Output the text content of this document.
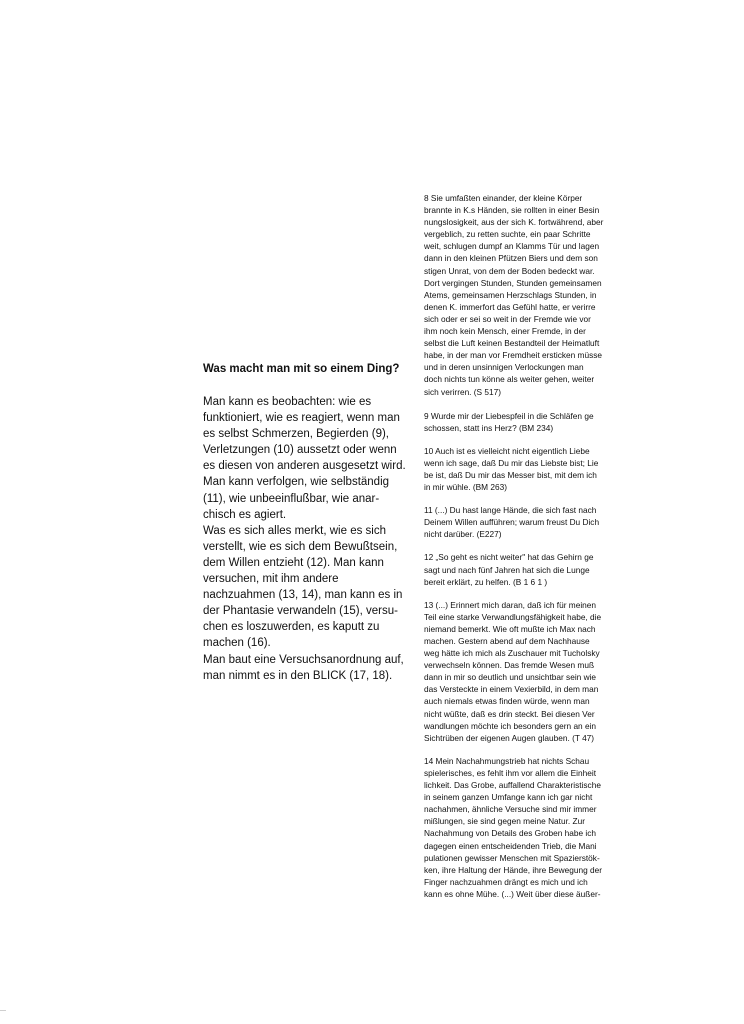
Was macht man mit so einem Ding?

Man kann es beobachten: wie es
funktioniert, wie es reagiert, wenn man
es selbst Schmerzen, Begierden (9),
Verletzungen (10) aussetzt oder wenn
es diesen von anderen ausgesetzt wird.
Man kann verfolgen, wie selbständig
(11), wie unbeeinflußbar, wie anar-
chisch es agiert.
Was es sich alles merkt, wie es sich
verstellt, wie es sich dem Bewußtsein,
dem Willen entzieht (12). Man kann
versuchen, mit ihm andere
nachzuahmen (13, 14), man kann es in
der Phantasie verwandeln (15), versu-
chen es loszuwerden, es kaputt zu
machen (16).
Man baut eine Versuchsanordnung auf,
man nimmt es in den BLICK (17, 18).

8 Sie umfaßten einander, der kleine Körper
brannte in K.s Händen, sie rollten in einer Besin
nungslosigkeit, aus der sich K. fortwährend, aber
vergeblich, zu retten suchte, ein paar Schritte
weit, schlugen dumpf an Klamms Tür und lagen
dann in den kleinen Pfützen Biers und dem son
stigen Unrat, von dem der Boden bedeckt war.
Dort vergingen Stunden, Stunden gemeinsamen
Atems, gemeinsamen Herzschlags Stunden, in
denen K. immerfort das Gefühl hatte, er verirre
sich oder er sei so weit in der Fremde wie vor
ihm noch kein Mensch, einer Fremde, in der
selbst die Luft keinen Bestandteil der Heimatluft
habe, in der man vor Fremdheit ersticken müsse
und in deren unsinnigen Verlockungen man
doch nichts tun könne als weiter gehen, weiter
sich verirren. (S 517)
9 Wurde mir der Liebespfeil in die Schläfen ge
schossen, statt ins Herz? (BM 234)
10 Auch ist es vielleicht nicht eigentlich Liebe
wenn ich sage, daß Du mir das Liebste bist; Lie
be ist, daß Du mir das Messer bist, mit dem ich
in mir wühle. (BM 263)
11 (...) Du hast lange Hände, die sich fast nach
Deinem Willen aufführen; warum freust Du Dich
nicht darüber. (E227)
12 „So geht es nicht weiter" hat das Gehirn ge
sagt und nach fünf Jahren hat sich die Lunge
bereit erklärt, zu helfen. (B 1 6 1 )
13 (...) Erinnert mich daran, daß ich für meinen
Teil eine starke Verwandlungsfähigkeit habe, die
niemand bemerkt. Wie oft mußte ich Max nach
machen. Gestern abend auf dem Nachhause
weg hätte ich mich als Zuschauer mit Tucholsky
verwechseln können. Das fremde Wesen muß
dann in mir so deutlich und unsichtbar sein wie
das Versteckte in einem Vexierbild, in dem man
auch niemals etwas finden würde, wenn man
nicht wüßte, daß es drin steckt. Bei diesen Ver
wandlungen möchte ich besonders gern an ein
Sichtrüben der eigenen Augen glauben. (T 47)
14 Mein Nachahmungstrieb hat nichts Schau
spielerisches, es fehlt ihm vor allem die Einheit
lichkeit. Das Grobe, auffallend Charakteristische
in seinem ganzen Umfange kann ich gar nicht
nachahmen, ähnliche Versuche sind mir immer
mißlungen, sie sind gegen meine Natur. Zur
Nachahmung von Details des Groben habe ich
dagegen einen entscheidenden Trieb, die Mani
pulationen gewisser Menschen mit Spazierstök-
ken, ihre Haltung der Hände, ihre Bewegung der
Finger nachzuahmen drängt es mich und ich
kann es ohne Mühe. (...) Weit über diese äußer-
